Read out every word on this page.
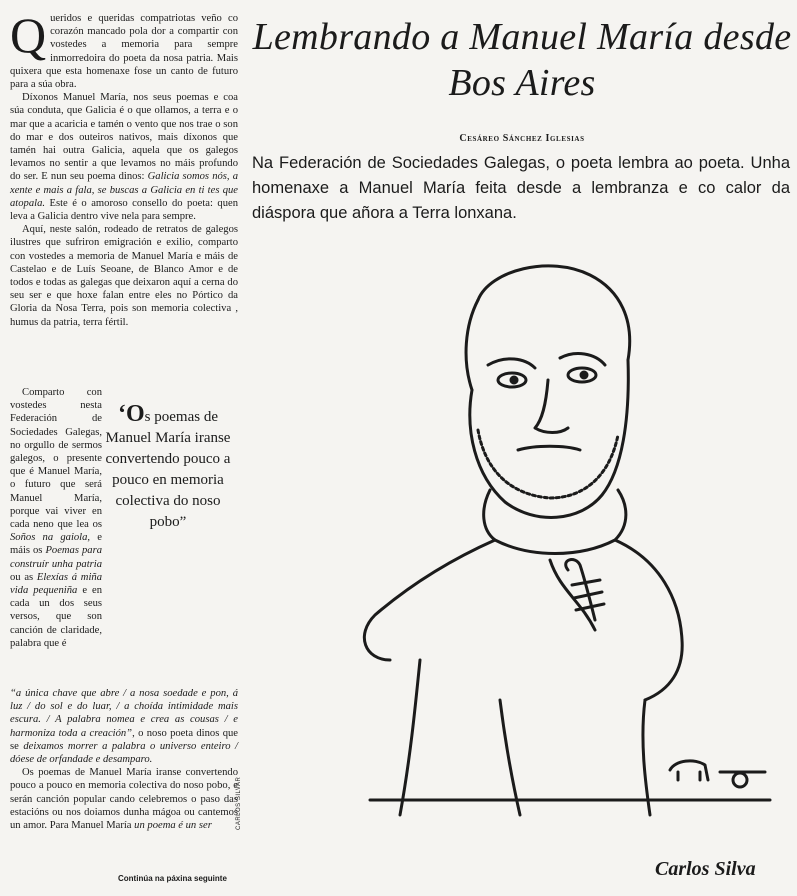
Lembrando a Manuel María desde Bos Aires
Cesáreo Sánchez Iglesias
Na Federación de Sociedades Galegas, o poeta lembra ao poeta. Unha homenaxe a Manuel María feita desde a lembranza e co calor da diáspora que añora a Terra lonxana.

Queridos e queridas compatriotas veño co corazón mancado pola dor a compartir con vostedes a memoria para sempre inmorredoira do poeta da nosa patria. Mais quixera que esta homenaxe fose un canto de futuro para a súa obra.

Díxonos Manuel María, nos seus poemas e coa súa conduta, que Galicia é o que ollamos, a terra e o mar que a acaricia e tamén o vento que nos trae o son do mar e dos outeiros nativos, mais díxonos que tamén hai outra Galicia, aquela que os galegos levamos no sentir a que levamos no máis profundo do ser. E nun seu poema dinos: Galicia somos nós, a xente e mais a fala, se buscas a Galicia en ti tes que atopala. Este é o amoroso consello do poeta: quen leva a Galicia dentro vive nela para sempre.

Aquí, neste salón, rodeado de retratos de galegos ilustres que sufriron emigración e exilio, comparto con vostedes a memoria de Manuel María e máis de Castelao e de Luís Seoane, de Blanco Amor e de todos e todas as galegas que deixaron aquí a cerna do seu ser e que hoxe falan entre eles no Pórtico da Gloria da Nosa Terra, pois son memoria colectiva , humus da patria, terra fértil.

Comparto con vostedes nesta Federación de Sociedades Galegas, no orgullo de sermos galegos, o presente que é Manuel María, o futuro que será Manuel María, porque vai viver en cada neno que lea os Soños na gaiola, e máis os Poemas para construír unha patria ou as Elexías á miña vida pequeniña e en cada un dos seus versos, que son canción de claridade, palabra que é

“a única chave que abre / a nosa soedade e pon, á luz / do sol e do luar, / a choída intimidade mais escura. / A palabra nomea e crea as cousas / e harmoniza toda a creación”, o noso poeta dinos que se deixamos morrer a palabra o universo enteiro / dóese de orfandade e desamparo.

Os poemas de Manuel María iranse convertendo pouco a pouco en memoria colectiva do noso pobo, e serán canción popular cando celebremos o paso das estacións ou nos doiamos dunha mágoa ou cantemos un amor. Para Manuel María un poema é un ser

Continúa na páxina seguinte
‘Os poemas de Manuel María iranse convertendo pouco a pouco en memoria colectiva do noso pobo”
CARLOS SILVAR
Carlos Silva
